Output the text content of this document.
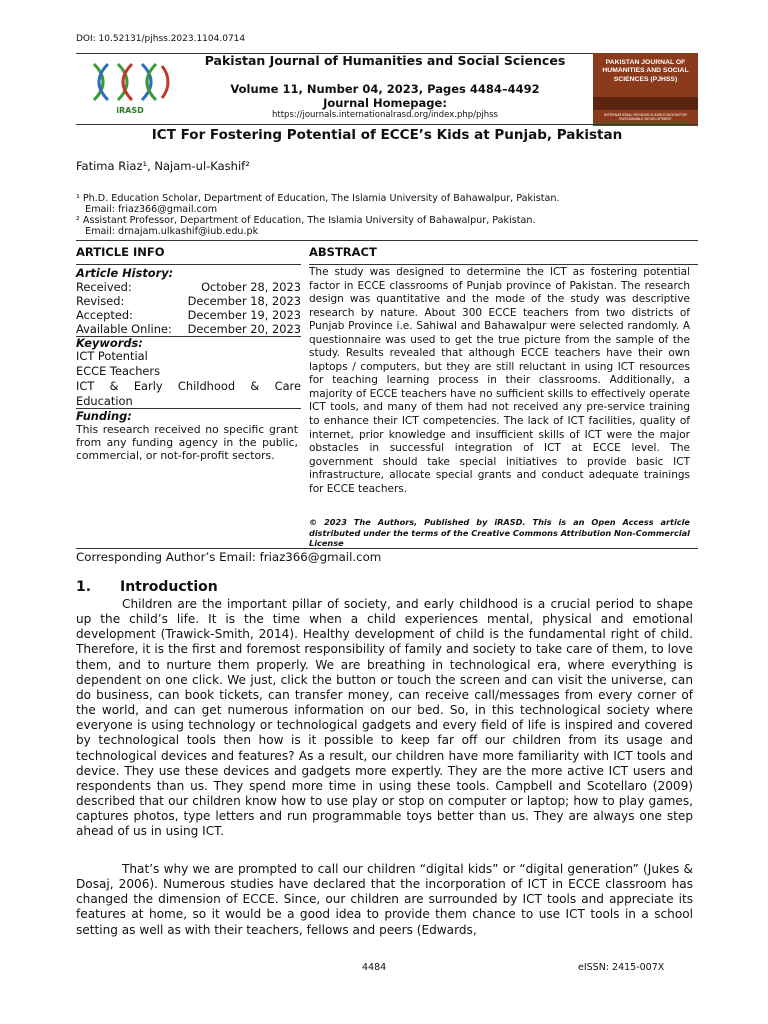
DOI: 10.52131/pjhss.2023.1104.0714
iRASD
Pakistan Journal of Humanities and Social Sciences
Volume 11, Number 04, 2023, Pages 4484–4492
Journal Homepage:
https://journals.internationalrasd.org/index.php/pjhss
PAKISTAN JOURNAL OF HUMANITIES AND SOCIAL SCIENCES (PJHSS)
INTERNATIONAL RESEARCH ASSOCIATION FOR SUSTAINABLE DEVELOPMENT
ICT For Fostering Potential of ECCE’s Kids at Punjab, Pakistan
Fatima Riaz¹, Najam-ul-Kashif²
¹ Ph.D. Education Scholar, Department of Education, The Islamia University of Bahawalpur, Pakistan.
Email: friaz366@gmail.com
² Assistant Professor, Department of Education, The Islamia University of Bahawalpur, Pakistan.
Email: drnajam.ulkashif@iub.edu.pk
ARTICLE INFO	ABSTRACT
Article History:
Received:	October 28, 2023
Revised:	December 18, 2023
Accepted:	December 19, 2023
Available Online: December 20, 2023
Keywords:
ICT Potential
ECCE Teachers
ICT & Early Childhood & Care Education
Funding:
This research received no specific grant from any funding agency in the public, commercial, or not-for-profit sectors.
The study was designed to determine the ICT as fostering potential factor in ECCE classrooms of Punjab province of Pakistan. The research design was quantitative and the mode of the study was descriptive research by nature. About 300 ECCE teachers from two districts of Punjab Province i.e. Sahiwal and Bahawalpur were selected randomly. A questionnaire was used to get the true picture from the sample of the study. Results revealed that although ECCE teachers have their own laptops / computers, but they are still reluctant in using ICT resources for teaching learning process in their classrooms. Additionally, a majority of ECCE teachers have no sufficient skills to effectively operate ICT tools, and many of them had not received any pre-service training to enhance their ICT competencies. The lack of ICT facilities, quality of internet, prior knowledge and insufficient skills of ICT were the major obstacles in successful integration of ICT at ECCE level. The government should take special initiatives to provide basic ICT infrastructure, allocate special grants and conduct adequate trainings for ECCE teachers.
© 2023 The Authors, Published by iRASD. This is an Open Access article distributed under the terms of the Creative Commons Attribution Non-Commercial License
Corresponding Author’s Email: friaz366@gmail.com
1. Introduction
Children are the important pillar of society, and early childhood is a crucial period to shape up the child’s life. It is the time when a child experiences mental, physical and emotional development (Trawick-Smith, 2014). Healthy development of child is the fundamental right of child. Therefore, it is the first and foremost responsibility of family and society to take care of them, to love them, and to nurture them properly. We are breathing in technological era, where everything is dependent on one click. We just, click the button or touch the screen and can visit the universe, can do business, can book tickets, can transfer money, can receive call/messages from every corner of the world, and can get numerous information on our bed. So, in this technological society where everyone is using technology or technological gadgets and every field of life is inspired and covered by technological tools then how is it possible to keep far off our children from its usage and technological devices and features? As a result, our children have more familiarity with ICT tools and device. They use these devices and gadgets more expertly. They are the more active ICT users and respondents than us. They spend more time in using these tools. Campbell and Scotellaro (2009) described that our children know how to use play or stop on computer or laptop; how to play games, captures photos, type letters and run programmable toys better than us. They are always one step ahead of us in using ICT.
That’s why we are prompted to call our children “digital kids” or “digital generation” (Jukes & Dosaj, 2006). Numerous studies have declared that the incorporation of ICT in ECCE classroom has changed the dimension of ECCE. Since, our children are surrounded by ICT tools and appreciate its features at home, so it would be a good idea to provide them chance to use ICT tools in a school setting as well as with their teachers, fellows and peers (Edwards,
4484	eISSN: 2415-007X
